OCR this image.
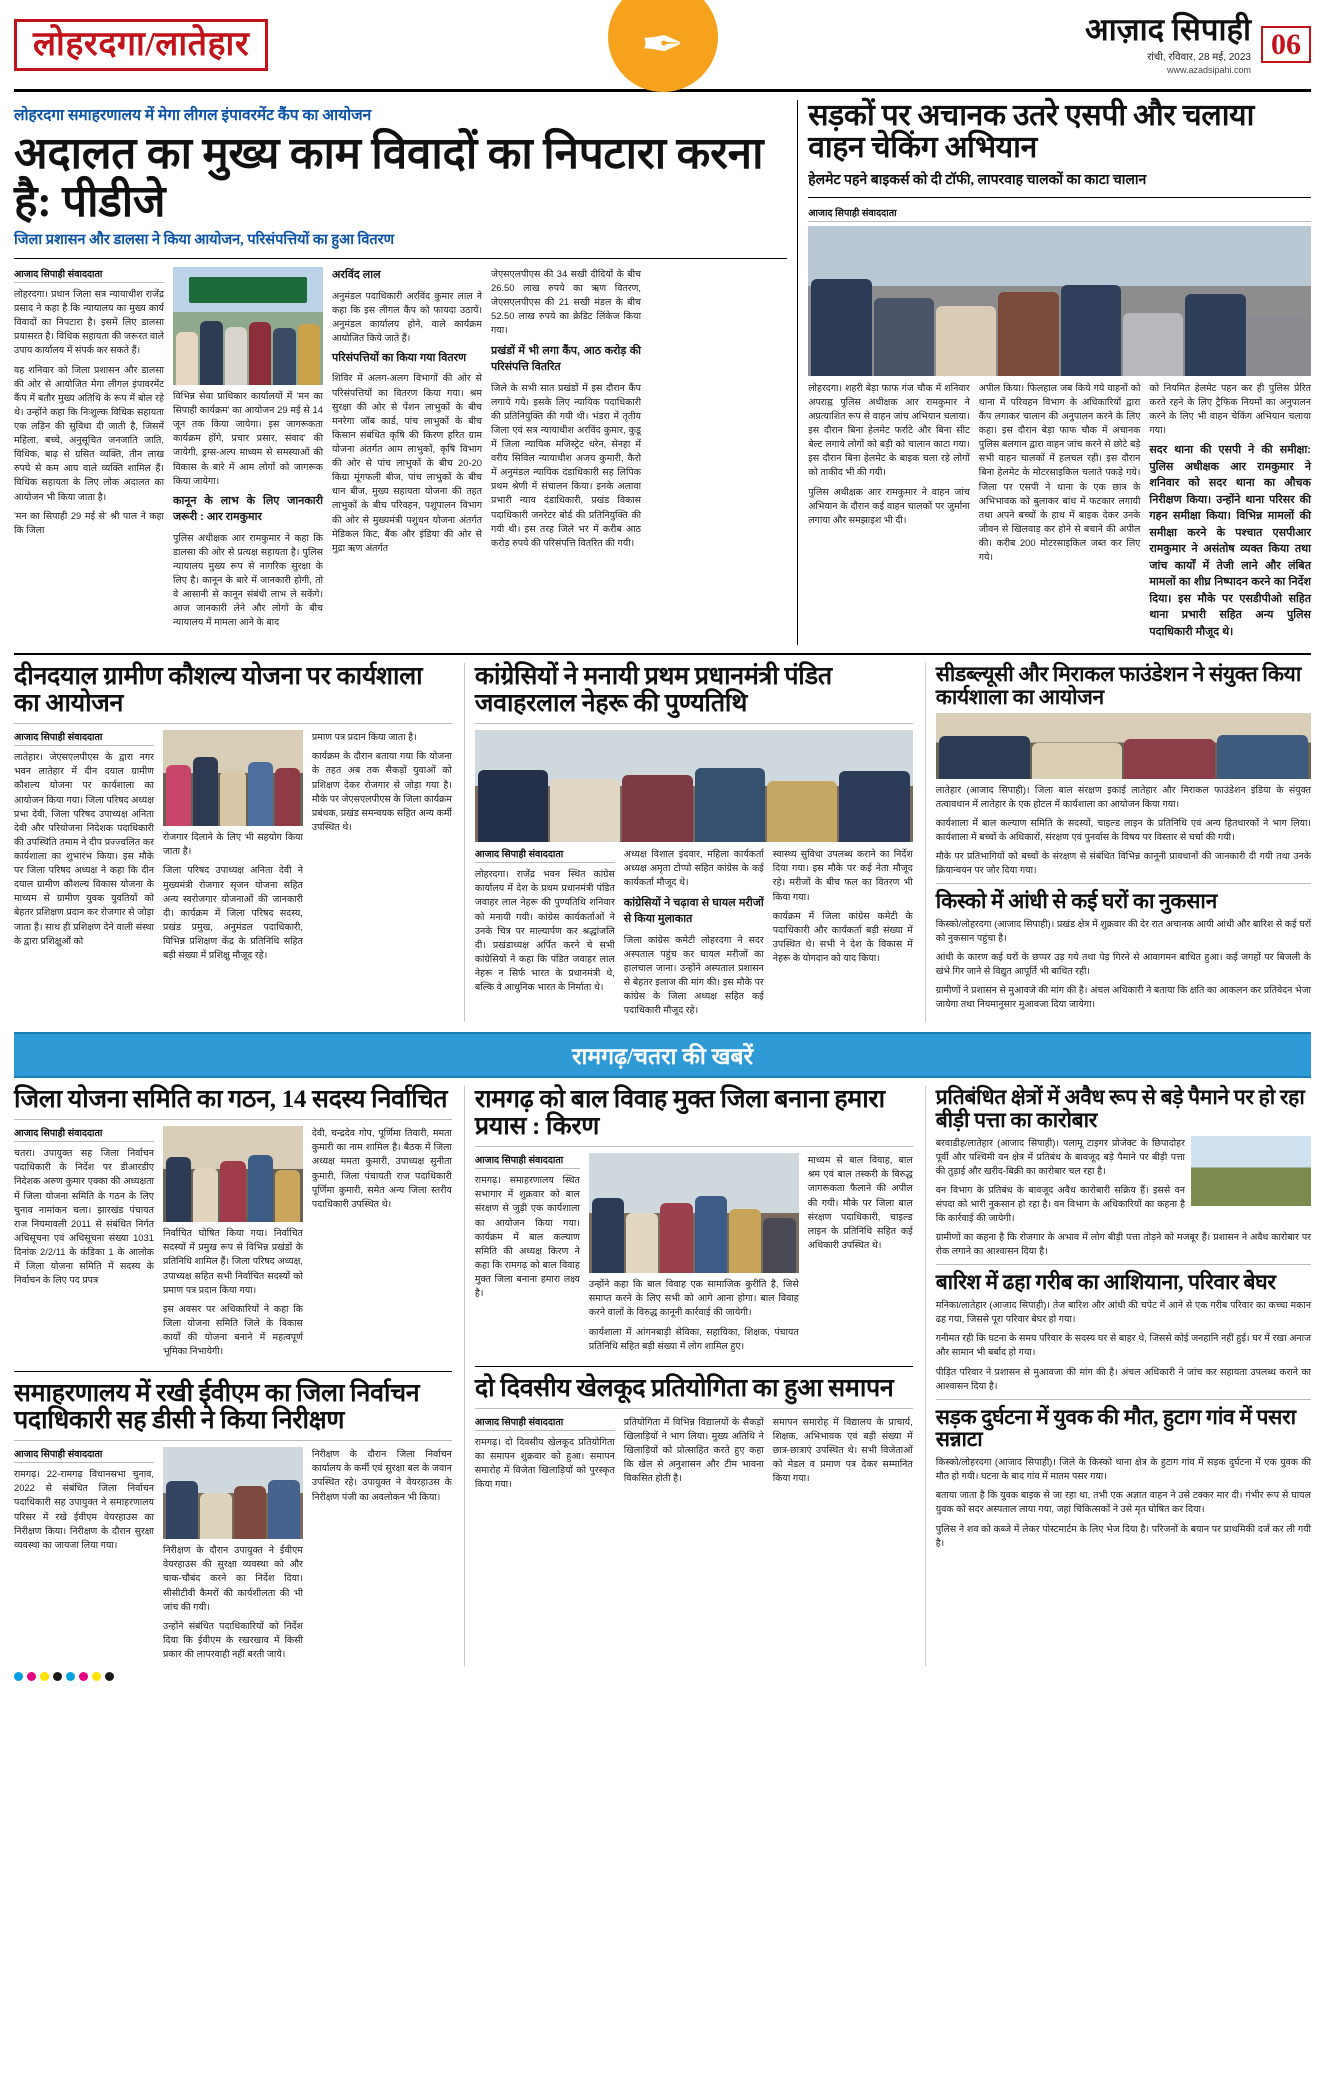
लोहरदगा/लातेहार	✒	आज़ाद सिपाही
रांची, रविवार, 28 मई, 2023
www.azadsipahi.com
06
लोहरदगा समाहरणालय में मेगा लीगल इंपावरमेंट कैंप का आयोजन
अदालत का मुख्य काम विवादों का निपटारा करना है: पीडीजे
जिला प्रशासन और डालसा ने किया आयोजन, परिसंपत्तियों का हुआ वितरण
आजाद सिपाही संवाददाता

लोहरदगा। प्रधान जिला सत्र न्यायाधीश राजेंद्र प्रसाद ने कहा है कि न्यायालय का मुख्य कार्य विवादों का निपटारा है। इसमें लिए डालसा प्रयासरत है। विधिक सहायता की जरूरत वाले उपाय कार्यालय में संपर्क कर सकते हैं।

वह शनिवार को जिला प्रशासन और डालसा की ओर से आयोजित मेगा लीगल इंपावरमेंट कैंप में बतौर मुख्य अतिथि के रूप में बोल रहे थे। उन्होंने कहा कि निःशुल्क विधिक सहायता एक लड़िन की सुविधा दी जाती है, जिसमें महिला, बच्चे, अनुसूचित जनजाति जाति, विधिक, बाढ़ से ग्रसित व्यक्ति, तीन लाख रुपये से कम आय वाले व्यक्ति शामिल हैं। विधिक सहायता के लिए लोक अदालत का आयोजन भी किया जाता है।

'मन का सिपाही 29 मई से' श्री पाल ने कहा कि जिला

विभिन्न सेवा प्राधिकार कार्यालयों में 'मन का सिपाही कार्यक्रम' का आयोजन 29 मई से 14 जून तक किया जायेगा। इस जागरूकता कार्यक्रम होंगे, प्रचार प्रसार, संवाद' की जायेगी, ड्रग्स-अल्प माध्यम से समस्याओं की विकास के बारे में आम लोगों को जागरूक किया जायेगा।

कानून के लाभ के लिए जानकारी जरूरी : आर रामकुमार

पुलिस अधीक्षक आर रामकुमार ने कहा कि डालसा की ओर से प्रत्यक्ष सहायता है। पुलिस न्यायालय मुख्य रूप से नागरिक सुरक्षा के लिए है। कानून के बारे में जानकारी होगी, तो वे आसानी से कानून संबंधी लाभ ले सकेंगे। आज जानकारी लेने और लोगों के बीच न्यायालय में मामला आने के बाद

अरविंद लाल

अनुमंडल पदाधिकारी अरविंद कुमार लाल ने कहा कि इस लीगल कैंप को फायदा उठायें। अनुमंडल कार्यालय होने, वाले कार्यक्रम आयोजित किये जाते हैं।

परिसंपत्तियों का किया गया वितरण

शिविर में अलग-अलग विभागों की ओर से परिसंपत्तियों का वितरण किया गया। श्रम सुरक्षा की ओर से पेंशन लाभुकों के बीच मनरेगा जॉब कार्ड, पांच लाभुकों के बीच किसान संबंधित कृषि की किरण हरित ग्राम योजना अंतर्गत आम लाभुकों, कृषि विभाग की ओर से पांच लाभुकों के बीच 20-20 किग्रा मूंगफली बीज, पांच लाभुकों के बीच धान बीज, मुख्य सहायता योजना की तहत लाभुकों के बीच परिवहन, पशुपालन विभाग की ओर से मुख्यमंत्री पशुधन योजना अंतर्गत मेडिकल किट, बैंक और इंडिया की ओर से मुद्रा ऋण अंतर्गत

जेएसएलपीएस की 34 सखी दीदियों के बीच 26.50 लाख रुपये का ऋण वितरण, जेएसएलपीएस की 21 सखी मंडल के बीच 52.50 लाख रुपये का क्रेडिट लिंकेज किया गया।

प्रखंडों में भी लगा कैंप, आठ करोड़ की परिसंपत्ति वितरित

जिले के सभी सात प्रखंडों में इस दौरान कैंप लगाये गये। इसके लिए न्यायिक पदाधिकारी की प्रतिनियुक्ति की गयी थी। भंडरा में तृतीय जिला एवं सत्र न्यायाधीश अरविंद कुमार, कुडू में जिला न्यायिक मजिस्ट्रेट धरेन, सेनहा में वरीय सिविल न्यायाधीश अजय कुमारी, कैरो में अनुमंडल न्यायिक दंडाधिकारी सह लिपिक प्रथम श्रेणी में संचालन किया। इनके अलावा प्रभारी न्याय दंडाधिकारी, प्रखंड विकास पदाधिकारी जनरेटर बोर्ड की प्रतिनियुक्ति की गयी थी। इस तरह जिले भर में करीब आठ करोड़ रुपये की परिसंपत्ति वितरित की गयी।

सड़कों पर अचानक उतरे एसपी और चलाया वाहन चेकिंग अभियान
हेलमेट पहने बाइकर्स को दी टॉफी, लापरवाह चालकों का काटा चालान
आजाद सिपाही संवाददाता

लोहरदगा। शहरी बेड़ा फाफ गंज चौक में शनिवार अपराह्न पुलिस अधीक्षक आर रामकुमार ने अप्रत्याशित रूप से वाहन जांच अभियान चलाया। इस दौरान बिना हेलमेट फर्राटे और बिना सीट बेल्ट लगाये लोगों को बड़ी को चालान काटा गया। इस दौरान बिना हेलमेट के बाइक चला रहे लोगों को ताकीद भी की गयी।

पुलिस अधीक्षक आर रामकुमार ने वाहन जांच अभियान के दौरान कई वाहन चालकों पर जुर्माना लगाया और समझाइश भी दी।

अपील किया। फिलहाल जब किये गये वाहनों को थाना में परिवहन विभाग के अधिकारियों द्वारा कैंप लगाकर चालान की अनुपालन करने के लिए कहा। इस दौरान बेड़ा फाफ चौक में अचानक पुलिस बलगान द्वारा वाहन जांच करने से छोटे बड़े सभी वाहन चालकों में हलचल रही। इस दौरान बिना हेलमेट के मोटरसाइकिल चलाते पकड़े गये। जिला पर एसपी ने थाना के एक छात्र के अभिभावक को बुलाकर बांध में फटकार लगायी तथा अपने बच्चों के हाथ में बाइक देकर उनके जीवन से खिलवाड़ कर होने से बचाने की अपील की। करीब 200 मोटरसाइकिल जब्त कर लिए गये।

को नियमित हेलमेट पहन कर ही पुलिस प्रेरित करते रहने के लिए ट्रैफिक नियमों का अनुपालन करने के लिए भी वाहन चेकिंग अभियान चलाया गया।

सदर थाना की एसपी ने की समीक्षा: पुलिस अधीक्षक आर रामकुमार ने शनिवार को सदर थाना का औचक निरीक्षण किया। उन्होंने थाना परिसर की गहन समीक्षा किया। विभिन्न मामलों की समीक्षा करने के पश्चात एसपीआर रामकुमार ने असंतोष व्यक्त किया तथा जांच कार्यों में तेजी लाने और लंबित मामलों का शीघ्र निष्पादन करने का निर्देश दिया। इस मौके पर एसडीपीओ सहित थाना प्रभारी सहित अन्य पुलिस पदाधिकारी मौजूद थे।

दीनदयाल ग्रामीण कौशल्य योजना पर कार्यशाला का आयोजन
आजाद सिपाही संवाददाता

लातेहार। जेएसएलपीएस के द्वारा नगर भवन लातेहार में दीन दयाल ग्रामीण कौशल्य योजना पर कार्यशाला का आयोजन किया गया। जिला परिषद अध्यक्ष प्रभा देवी, जिला परिषद उपाध्यक्ष अनिता देवी और परियोजना निदेशक पदाधिकारी की उपस्थिति तमाम ने दीप प्रज्ज्वलित कर कार्यशाला का शुभारंभ किया। इस मौके पर जिला परिषद अध्यक्ष ने कहा कि दीन दयाल ग्रामीण कौशल्य विकास योजना के माध्यम से ग्रामीण युवक युवतियों को बेहतर प्रशिक्षण प्रदान कर रोजगार से जोड़ा जाता है। साथ ही प्रशिक्षण देने वाली संस्था के द्वारा प्रशिक्षुओं को

रोजगार दिलाने के लिए भी सहयोग किया जाता है।

जिला परिषद उपाध्यक्ष अनिता देवी ने मुख्यमंत्री रोजगार सृजन योजना सहित अन्य स्वरोजगार योजनाओं की जानकारी दी। कार्यक्रम में जिला परिषद सदस्य, प्रखंड प्रमुख, अनुमंडल पदाधिकारी, विभिन्न प्रशिक्षण केंद्र के प्रतिनिधि सहित बड़ी संख्या में प्रशिक्षु मौजूद रहे।

प्रमाण पत्र प्रदान किया जाता है।

कार्यक्रम के दौरान बताया गया कि योजना के तहत अब तक सैकड़ों युवाओं को प्रशिक्षण देकर रोजगार से जोड़ा गया है। मौके पर जेएसएलपीएस के जिला कार्यक्रम प्रबंधक, प्रखंड समन्वयक सहित अन्य कर्मी उपस्थित थे।

कांग्रेसियों ने मनायी प्रथम प्रधानमंत्री पंडित जवाहरलाल नेहरू की पुण्यतिथि
आजाद सिपाही संवाददाता

लोहरदगा। राजेंद्र भवन स्थित कांग्रेस कार्यालय में देश के प्रथम प्रधानमंत्री पंडित जवाहर लाल नेहरू की पुण्यतिथि शनिवार को मनायी गयी। कांग्रेस कार्यकर्ताओं ने उनके चित्र पर माल्यार्पण कर श्रद्धांजलि दी। प्रखंडाध्यक्ष अर्पित करने चे सभी कांग्रेसियों ने कहा कि पंडित जवाहर लाल नेहरू न सिर्फ भारत के प्रधानमंत्री थे, बल्कि वे आधुनिक भारत के निर्माता थे।

अध्यक्ष विशाल इंदवार, महिला कार्यकर्ता अध्यक्ष अमृता टोप्पो सहित कांग्रेस के कई कार्यकर्ता मौजूद थे।

कांग्रेसियों ने चढ़ावा से घायल मरीजों से किया मुलाकात

जिला कांग्रेस कमेटी लोहरदगा ने सदर अस्पताल पहुंच कर घायल मरीजों का हालचाल जाना। उन्होंने अस्पताल प्रशासन से बेहतर इलाज की मांग की। इस मौके पर कांग्रेस के जिला अध्यक्ष सहित कई पदाधिकारी मौजूद रहे।

स्वास्थ्य सुविधा उपलब्ध कराने का निर्देश दिया गया। इस मौके पर कई नेता मौजूद रहे। मरीजों के बीच फल का वितरण भी किया गया।

कार्यक्रम में जिला कांग्रेस कमेटी के पदाधिकारी और कार्यकर्ता बड़ी संख्या में उपस्थित थे। सभी ने देश के विकास में नेहरू के योगदान को याद किया।

सीडब्ल्यूसी और मिराकल फाउंडेशन ने संयुक्त किया कार्यशाला का आयोजन

लातेहार (आजाद सिपाही)। जिला बाल संरक्षण इकाई लातेहार और मिराकल फाउंडेशन इंडिया के संयुक्त तत्वावधान में लातेहार के एक होटल में कार्यशाला का आयोजन किया गया।

कार्यशाला में बाल कल्याण समिति के सदस्यों, चाइल्ड लाइन के प्रतिनिधि एवं अन्य हितधारकों ने भाग लिया। कार्यशाला में बच्चों के अधिकारों, संरक्षण एवं पुनर्वास के विषय पर विस्तार से चर्चा की गयी।

मौके पर प्रतिभागियों को बच्चों के संरक्षण से संबंधित विभिन्न कानूनी प्रावधानों की जानकारी दी गयी तथा उनके क्रियान्वयन पर जोर दिया गया।

किस्को में आंधी से कई घरों का नुकसान

किस्को/लोहरदगा (आजाद सिपाही)। प्रखंड क्षेत्र में शुक्रवार की देर रात अचानक आयी आंधी और बारिश से कई घरों को नुकसान पहुंचा है।

आंधी के कारण कई घरों के छप्पर उड़ गये तथा पेड़ गिरने से आवागमन बाधित हुआ। कई जगहों पर बिजली के खंभे गिर जाने से विद्युत आपूर्ति भी बाधित रही।

ग्रामीणों ने प्रशासन से मुआवजे की मांग की है। अंचल अधिकारी ने बताया कि क्षति का आकलन कर प्रतिवेदन भेजा जायेगा तथा नियमानुसार मुआवजा दिया जायेगा।

रामगढ़/चतरा की खबरें
जिला योजना समिति का गठन, 14 सदस्य निर्वाचित
आजाद सिपाही संवाददाता

चतरा। उपायुक्त सह जिला निर्वाचन पदाधिकारी के निर्देश पर डीआरडीए निदेशक अरुण कुमार एक्का की अध्यक्षता में जिला योजना समिति के गठन के लिए चुनाव नामांकन चला। झारखंड पंचायत राज नियमावली 2011 से संबंधित निर्गत अधिसूचना एवं अधिसूचना संख्या 1031 दिनांक 2/2/11 के कंडिका 1 के आलोक में जिला योजना समिति में सदस्य के निर्वाचन के लिए पद प्रपत्र

निर्वाचित घोषित किया गया। निर्वाचित सदस्यों में प्रमुख रूप से विभिन्न प्रखंडों के प्रतिनिधि शामिल हैं। जिला परिषद अध्यक्ष, उपाध्यक्ष सहित सभी निर्वाचित सदस्यों को प्रमाण पत्र प्रदान किया गया।

इस अवसर पर अधिकारियों ने कहा कि जिला योजना समिति जिले के विकास कार्यों की योजना बनाने में महत्वपूर्ण भूमिका निभायेगी।

देवी, चन्द्रदेव गोप, पूर्णिमा तिवारी, ममता कुमारी का नाम शामिल है। बैठक में जिला अध्यक्ष ममता कुमारी, उपाध्यक्ष सुनीता कुमारी, जिला पंचायती राज पदाधिकारी पूर्णिमा कुमारी, समेत अन्य जिला स्तरीय पदाधिकारी उपस्थित थे।

समाहरणालय में रखी ईवीएम का जिला निर्वाचन पदाधिकारी सह डीसी ने किया निरीक्षण
आजाद सिपाही संवाददाता

रामगढ़। 22-रामगढ़ विधानसभा चुनाव, 2022 से संबंधित जिला निर्वाचन पदाधिकारी सह उपायुक्त ने समाहरणालय परिसर में रखे ईवीएम वेयरहाउस का निरीक्षण किया। निरीक्षण के दौरान सुरक्षा व्यवस्था का जायजा लिया गया।	निरीक्षण के दौरान उपायुक्त ने ईवीएम वेयरहाउस की सुरक्षा व्यवस्था को और चाक-चौबंद करने का निर्देश दिया। सीसीटीवी कैमरों की कार्यशीलता की भी जांच की गयी।

उन्होंने संबंधित पदाधिकारियों को निर्देश दिया कि ईवीएम के रखरखाव में किसी प्रकार की लापरवाही नहीं बरती जाये।

निरीक्षण के दौरान जिला निर्वाचन कार्यालय के कर्मी एवं सुरक्षा बल के जवान उपस्थित रहे। उपायुक्त ने वेयरहाउस के निरीक्षण पंजी का अवलोकन भी किया।

रामगढ़ को बाल विवाह मुक्त जिला बनाना हमारा प्रयास : किरण
आजाद सिपाही संवाददाता

रामगढ़। समाहरणालय स्थित सभागार में शुक्रवार को बाल संरक्षण से जुड़ी एक कार्यशाला का आयोजन किया गया। कार्यक्रम में बाल कल्याण समिति की अध्यक्ष किरण ने कहा कि रामगढ़ को बाल विवाह मुक्त जिला बनाना हमारा लक्ष्य है।

उन्होंने कहा कि बाल विवाह एक सामाजिक कुरीति है, जिसे समाप्त करने के लिए सभी को आगे आना होगा। बाल विवाह करने वालों के विरुद्ध कानूनी कार्रवाई की जायेगी।

कार्यशाला में आंगनबाड़ी सेविका, सहायिका, शिक्षक, पंचायत प्रतिनिधि सहित बड़ी संख्या में लोग शामिल हुए।

माध्यम से बाल विवाह, बाल श्रम एवं बाल तस्करी के विरुद्ध जागरूकता फैलाने की अपील की गयी। मौके पर जिला बाल संरक्षण पदाधिकारी, चाइल्ड लाइन के प्रतिनिधि सहित कई अधिकारी उपस्थित थे।

दो दिवसीय खेलकूद प्रतियोगिता का हुआ समापन
आजाद सिपाही संवाददाता

रामगढ़। दो दिवसीय खेलकूद प्रतियोगिता का समापन शुक्रवार को हुआ। समापन समारोह में विजेता खिलाड़ियों को पुरस्कृत किया गया।

प्रतियोगिता में विभिन्न विद्यालयों के सैकड़ों खिलाड़ियों ने भाग लिया। मुख्य अतिथि ने खिलाड़ियों को प्रोत्साहित करते हुए कहा कि खेल से अनुशासन और टीम भावना विकसित होती है।

समापन समारोह में विद्यालय के प्राचार्य, शिक्षक, अभिभावक एवं बड़ी संख्या में छात्र-छात्राएं उपस्थित थे। सभी विजेताओं को मेडल व प्रमाण पत्र देकर सम्मानित किया गया।

प्रतिबंधित क्षेत्रों में अवैध रूप से बड़े पैमाने पर हो रहा बीड़ी पत्ता का कारोबार

बरवाडीह/लातेहार (आजाद सिपाही)। पलामू टाइगर प्रोजेक्ट के छिपादोहर पूर्वी और पश्चिमी वन क्षेत्र में प्रतिबंध के बावजूद बड़े पैमाने पर बीड़ी पत्ता की तुड़ाई और खरीद-बिक्री का कारोबार चल रहा है।

वन विभाग के प्रतिबंध के बावजूद अवैध कारोबारी सक्रिय हैं। इससे वन संपदा को भारी नुकसान हो रहा है। वन विभाग के अधिकारियों का कहना है कि कार्रवाई की जायेगी।

ग्रामीणों का कहना है कि रोजगार के अभाव में लोग बीड़ी पत्ता तोड़ने को मजबूर हैं। प्रशासन ने अवैध कारोबार पर रोक लगाने का आश्वासन दिया है।

बारिश में ढहा गरीब का आशियाना, परिवार बेघर

मनिका/लातेहार (आजाद सिपाही)। तेज बारिश और आंधी की चपेट में आने से एक गरीब परिवार का कच्चा मकान ढह गया, जिससे पूरा परिवार बेघर हो गया।

गनीमत रही कि घटना के समय परिवार के सदस्य घर से बाहर थे, जिससे कोई जनहानि नहीं हुई। घर में रखा अनाज और सामान भी बर्बाद हो गया।

पीड़ित परिवार ने प्रशासन से मुआवजा की मांग की है। अंचल अधिकारी ने जांच कर सहायता उपलब्ध कराने का आश्वासन दिया है।

सड़क दुर्घटना में युवक की मौत, हुटाग गांव में पसरा सन्नाटा

किस्को/लोहरदगा (आजाद सिपाही)। जिले के किस्को थाना क्षेत्र के हुटाग गांव में सड़क दुर्घटना में एक युवक की मौत हो गयी। घटना के बाद गांव में मातम पसर गया।

बताया जाता है कि युवक बाइक से जा रहा था, तभी एक अज्ञात वाहन ने उसे टक्कर मार दी। गंभीर रूप से घायल युवक को सदर अस्पताल लाया गया, जहां चिकित्सकों ने उसे मृत घोषित कर दिया।

पुलिस ने शव को कब्जे में लेकर पोस्टमार्टम के लिए भेज दिया है। परिजनों के बयान पर प्राथमिकी दर्ज कर ली गयी है।
